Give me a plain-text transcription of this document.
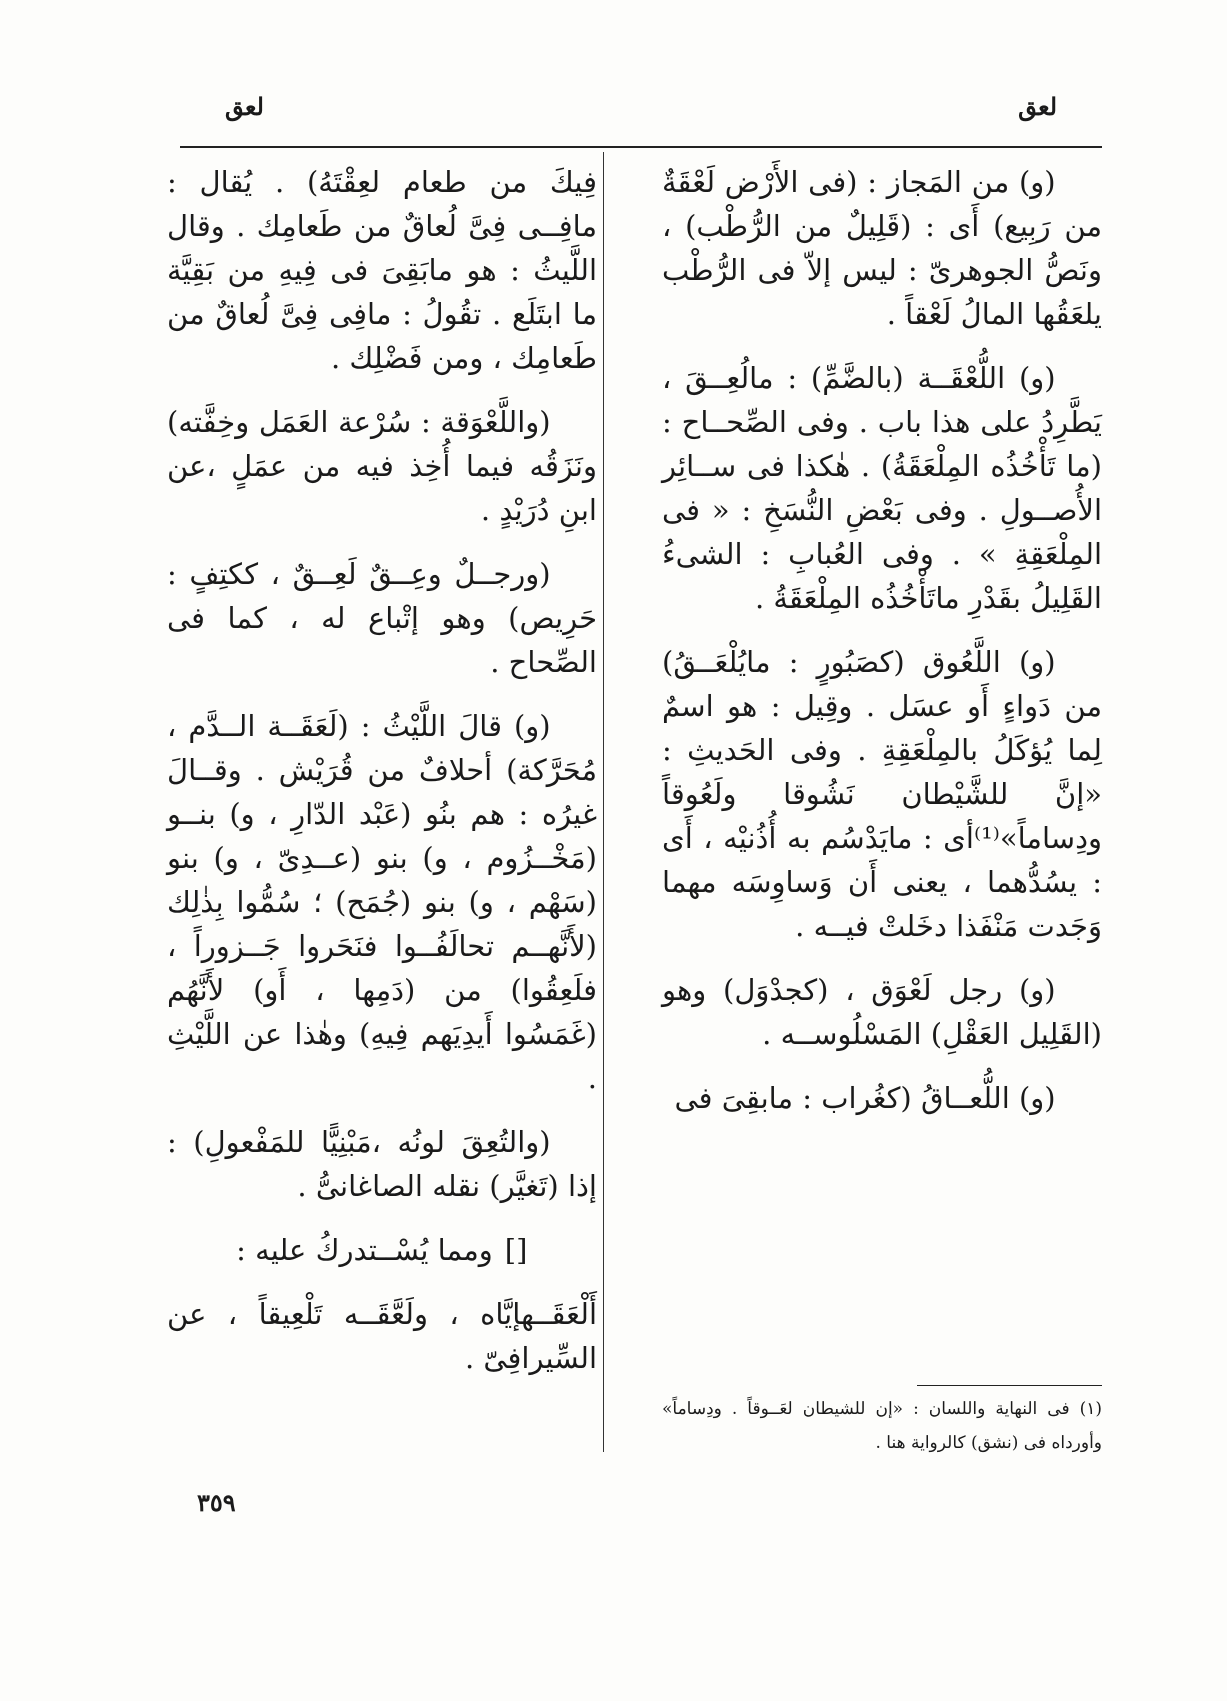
لعق
لعق

(و) من المَجاز : (فى الأَرْض لَعْقَةٌ من رَبِيع) أَى : (قَلِيلٌ من الرُّطْب) ، ونَصُّ الجوهرىّ : ليس إلاّ فى الرُّطْب يلعَقُها المالُ لَعْقاً .

(و) اللُّعْقَــة (بالضَّمِّ) : مالُعِــقَ ، يَطَّرِدُ على هذا باب . وفى الصِّحــاح : (ما تَأْخُذُه المِلْعَقَةُ) . هٰكذا فى ســائِر الأُصــولِ . وفى بَعْضِ النُّسَخِ : « فى المِلْعَقِةِ » . وفى العُبابِ : الشىءُ القَلِيلُ بقَدْرِ ماتَأْخُذُه المِلْعَقَةُ .

(و) اللَّعُوق (كصَبُورٍ : مايُلْعَــقُ) من دَواءٍ أَو عسَل . وقِيل : هو اسمٌ لِما يُؤكَلُ بالمِلْعَقِةِ . وفى الحَديثِ : «إنَّ للشَّيْطان نَشُوقا ولَعُوقاً ودِساماً»⁽¹⁾أى : مايَدْسُم به أُذُنيْه ، أَى : يسُدُّهما ، يعنى أَن وَساوِسَه مهما وَجَدت مَنْفَذا دخَلتْ فيــه .

(و) رجل لَعْوَق ، (كجدْوَل) وهو (القَلِيل العَقْلِ) المَسْلُوســه .

(و) اللُّعــاقُ (كغُراب : مابقِىَ فى

فِيكَ من طعام لعِقْتَهُ) . يُقال : مافِــى فِىَّ لُعاقٌ من طَعامِك . وقال اللَّيثُ : هو مابَقِىَ فى فِيهِ من بَقِيَّة ما ابتَلَع . تقُولُ : مافِى فِىَّ لُعاقٌ من طَعامِك ، ومن فَضْلِك .

(واللَّعْوَقة : سُرْعة العَمَل وخِفَّته) ونَزَقُه فيما أُخِذ فيه من عمَلٍ ،عن ابنِ دُرَيْدٍ .

(ورجــلٌ وعِــقٌ لَعِــقٌ ، ككتِفٍ : حَرِيص) وهو إتْباع له ، كما فى الصِّحاح .

(و) قالَ اللَّيْثُ : (لَعَقَــة الــدَّم ، مُحَرَّكة) أحلافٌ من قُرَيْش . وقــالَ غيرُه : هم بنُو (عَبْد الدّارِ ، و) بنــو (مَخْــزُوم ، و) بنو (عــدِىّ ، و) بنو (سَهْم ، و) بنو (جُمَح) ؛ سُمُّوا بِذٰلِك (لأَنَّهــم تحالَفُــوا فنَحَروا جَــزوراً ، فلَعِقُوا) من (دَمِها ، أَو) لأَنَّهُم (غَمَسُوا أَيدِيَهم فِيهِ) وهٰذا عن اللَّيْثِ .

(والتُعِقَ لونُه ،مَبْنِيًّا للمَفْعولِ) : إذا (تَغيَّر) نقله الصاغانىُّ .

[]ومما يُسْــتدركُ عليه :

أَلْعَقَــهإيَّاه ، ولَعَّقَــه تَلْعِيقاً ، عن السِّيرافِىّ .

(١) فى النهاية واللسان : «إن للشيطان لعَــوقاً . ودِساماً» وأورداه فى (نشق) كالرواية هنا .
٣٥٩
